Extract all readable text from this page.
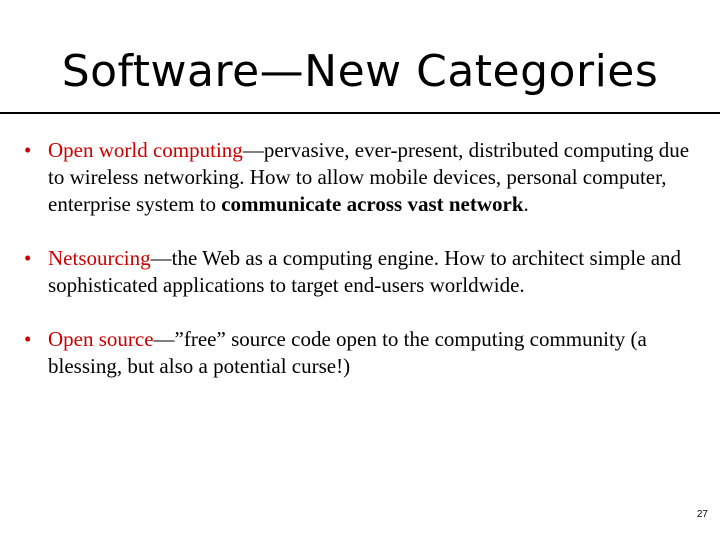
Software—New Categories
• Open world computing—pervasive, ever-present, distributed computing due to wireless networking. How to allow mobile devices, personal computer, enterprise system to communicate across vast network.
• Netsourcing—the Web as a computing engine. How to architect simple and sophisticated applications to target end-users worldwide.
• Open source—”free” source code open to the computing community (a blessing, but also a potential curse!)
27
